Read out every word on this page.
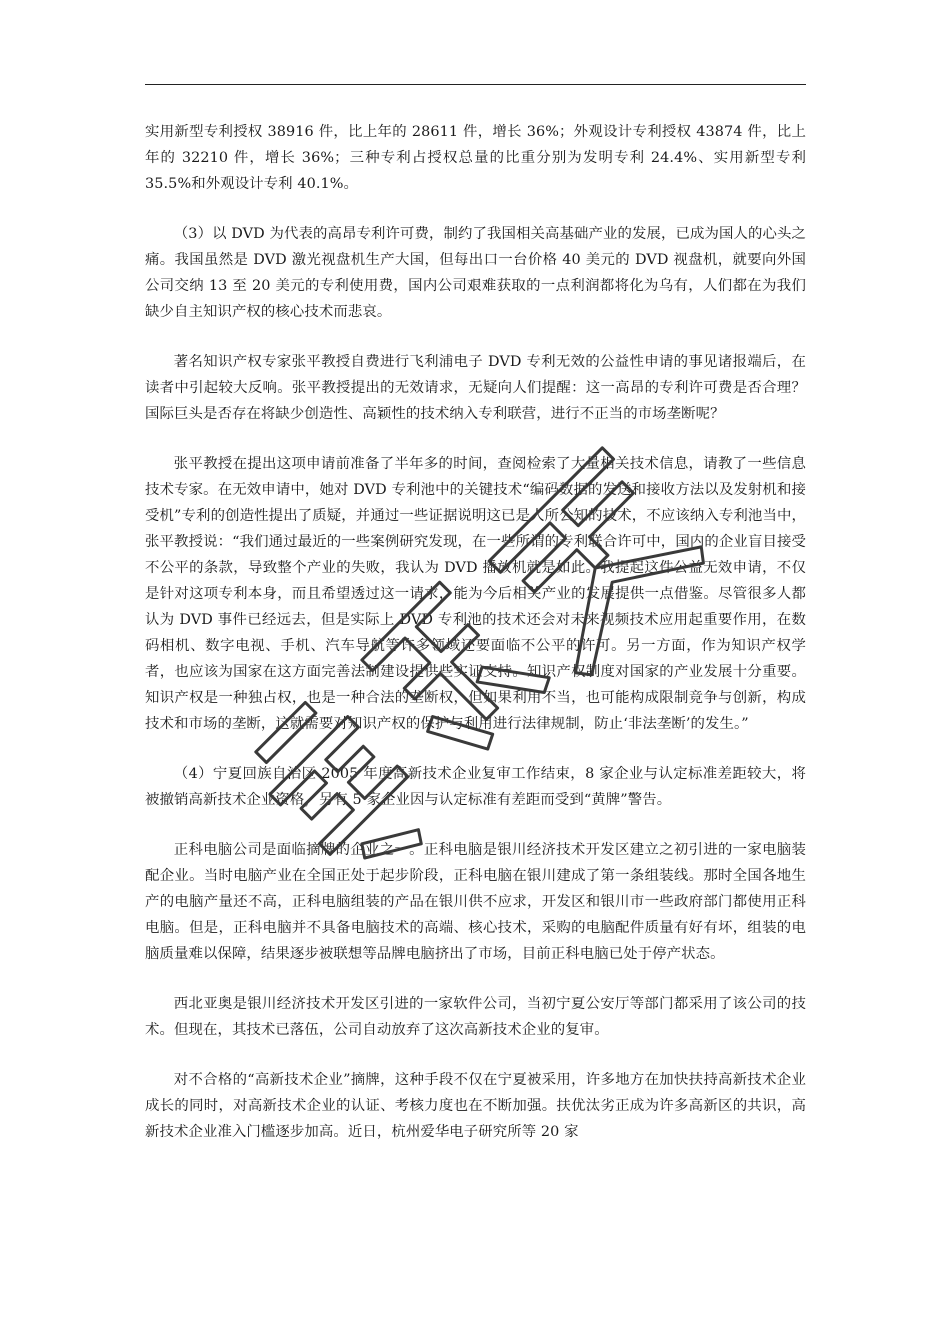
实用新型专利授权 38916 件，比上年的 28611 件，增长 36%；外观设计专利授权 43874 件，比上年的 32210 件，增长 36%；三种专利占授权总量的比重分别为发明专利 24.4%、实用新型专利 35.5%和外观设计专利 40.1%。

（3）以 DVD 为代表的高昂专利许可费，制约了我国相关高基础产业的发展，已成为国人的心头之痛。我国虽然是 DVD 激光视盘机生产大国，但每出口一台价格 40 美元的 DVD 视盘机，就要向外国公司交纳 13 至 20 美元的专利使用费，国内公司艰难获取的一点利润都将化为乌有，人们都在为我们缺少自主知识产权的核心技术而悲哀。

著名知识产权专家张平教授自费进行飞利浦电子 DVD 专利无效的公益性申请的事见诸报端后，在读者中引起较大反响。张平教授提出的无效请求，无疑向人们提醒：这一高昂的专利许可费是否合理？国际巨头是否存在将缺少创造性、高颖性的技术纳入专利联营，进行不正当的市场垄断呢？

张平教授在提出这项申请前准备了半年多的时间，查阅检索了大量相关技术信息，请教了一些信息技术专家。在无效申请中，她对 DVD 专利池中的关键技术“编码数据的发送和接收方法以及发射机和接受机”专利的创造性提出了质疑，并通过一些证据说明这已是人所公知的技术，不应该纳入专利池当中，张平教授说：“我们通过最近的一些案例研究发现，在一些所谓的专利联合许可中，国内的企业盲目接受不公平的条款，导致整个产业的失败，我认为 DVD 播放机就是如此。我提起这件公益无效申请，不仅是针对这项专利本身，而且希望透过这一请求，能为今后相关产业的发展提供一点借鉴。尽管很多人都认为 DVD 事件已经远去，但是实际上 DVD 专利池的技术还会对未来视频技术应用起重要作用，在数码相机、数字电视、手机、汽车导航等许多领域还要面临不公平的许可。另一方面，作为知识产权学者，也应该为国家在这方面完善法制建设提供些实证支持。知识产权制度对国家的产业发展十分重要。知识产权是一种独占权，也是一种合法的垄断权，但如果利用不当，也可能构成限制竞争与创新，构成技术和市场的垄断，这就需要对知识产权的保护与利用进行法律规制，防止‘非法垄断’的发生。”

（4）宁夏回族自治区 2005 年度高新技术企业复审工作结束，8 家企业与认定标准差距较大，将被撤销高新技术企业资格，另有 5 家企业因与认定标准有差距而受到“黄牌”警告。

正科电脑公司是面临摘牌的企业之一。正科电脑是银川经济技术开发区建立之初引进的一家电脑装配企业。当时电脑产业在全国正处于起步阶段，正科电脑在银川建成了第一条组装线。那时全国各地生产的电脑产量还不高，正科电脑组装的产品在银川供不应求，开发区和银川市一些政府部门都使用正科电脑。但是，正科电脑并不具备电脑技术的高端、核心技术，采购的电脑配件质量有好有坏，组装的电脑质量难以保障，结果逐步被联想等品牌电脑挤出了市场，目前正科电脑已处于停产状态。

西北亚奥是银川经济技术开发区引进的一家软件公司，当初宁夏公安厅等部门都采用了该公司的技术。但现在，其技术已落伍，公司自动放弃了这次高新技术企业的复审。

对不合格的“高新技术企业”摘牌，这种手段不仅在宁夏被采用，许多地方在加快扶持高新技术企业成长的同时，对高新技术企业的认证、考核力度也在不断加强。扶优汰劣正成为许多高新区的共识，高新技术企业准入门槛逐步加高。近日，杭州爱华电子研究所等 20 家
